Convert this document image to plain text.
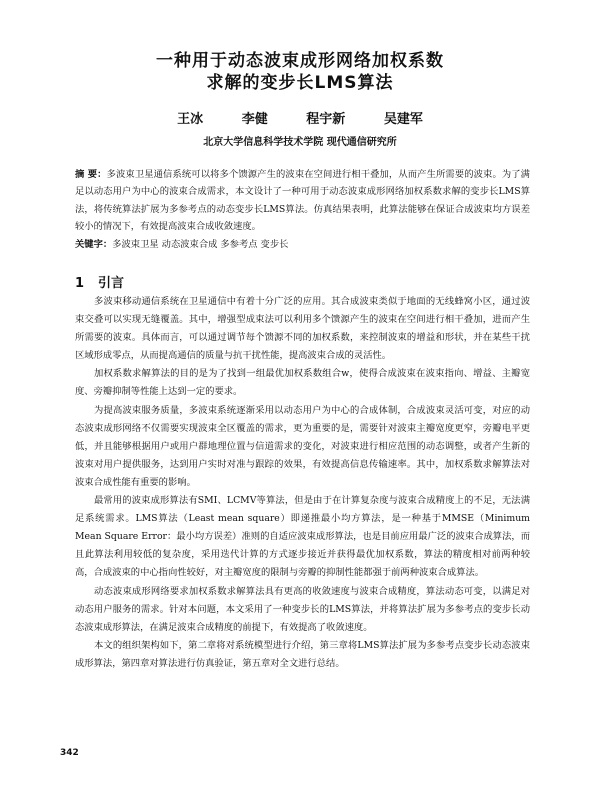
一种用于动态波束成形网络加权系数
求解的变步长LMS算法
王冰	李健	程宇新	吴建军
北京大学信息科学技术学院 现代通信研究所
摘 要：多波束卫星通信系统可以将多个馈源产生的波束在空间进行相干叠加，从而产生所需要的波束。为了满足以动态用户为中心的波束合成需求，本文设计了一种可用于动态波束成形网络加权系数求解的变步长LMS算法，将传统算法扩展为多参考点的动态变步长LMS算法。仿真结果表明，此算法能够在保证合成波束均方误差较小的情况下，有效提高波束合成收敛速度。
关键字：多波束卫星 动态波束合成 多参考点 变步长
1 引言

多波束移动通信系统在卫星通信中有着十分广泛的应用。其合成波束类似于地面的无线蜂窝小区，通过波束交叠可以实现无缝覆盖。其中，增强型成束法可以利用多个馈源产生的波束在空间进行相干叠加，进而产生所需要的波束。具体而言，可以通过调节每个馈源不同的加权系数，来控制波束的增益和形状，并在某些干扰区域形成零点，从而提高通信的质量与抗干扰性能，提高波束合成的灵活性。

加权系数求解算法的目的是为了找到一组最优加权系数组合w，使得合成波束在波束指向、增益、主瓣宽度、旁瓣抑制等性能上达到一定的要求。

为提高波束服务质量，多波束系统逐渐采用以动态用户为中心的合成体制，合成波束灵活可变，对应的动态波束成形网络不仅需要实现波束全区覆盖的需求，更为重要的是，需要针对波束主瓣宽度更窄，旁瓣电平更低，并且能够根据用户或用户群地理位置与信道需求的变化，对波束进行相应范围的动态调整，或者产生新的波束对用户提供服务，达到用户实时对准与跟踪的效果，有效提高信息传输速率。其中，加权系数求解算法对波束合成性能有重要的影响。

最常用的波束成形算法有SMI、LCMV等算法，但是由于在计算复杂度与波束合成精度上的不足，无法满足系统需求。LMS算法（Least mean square）即递推最小均方算法，是一种基于MMSE（Minimum Mean Square Error：最小均方误差）准则的自适应波束成形算法，也是目前应用最广泛的波束合成算法，而且此算法利用较低的复杂度，采用迭代计算的方式逐步接近并获得最优加权系数，算法的精度相对前两种较高，合成波束的中心指向性较好，对主瓣宽度的限制与旁瓣的抑制性能都强于前两种波束合成算法。

动态波束成形网络要求加权系数求解算法具有更高的收敛速度与波束合成精度，算法动态可变，以满足对动态用户服务的需求。针对本问题，本文采用了一种变步长的LMS算法，并将算法扩展为多参考点的变步长动态波束成形算法，在满足波束合成精度的前提下，有效提高了收敛速度。

本文的组织架构如下，第二章将对系统模型进行介绍，第三章将LMS算法扩展为多参考点变步长动态波束成形算法，第四章对算法进行仿真验证，第五章对全文进行总结。

342
